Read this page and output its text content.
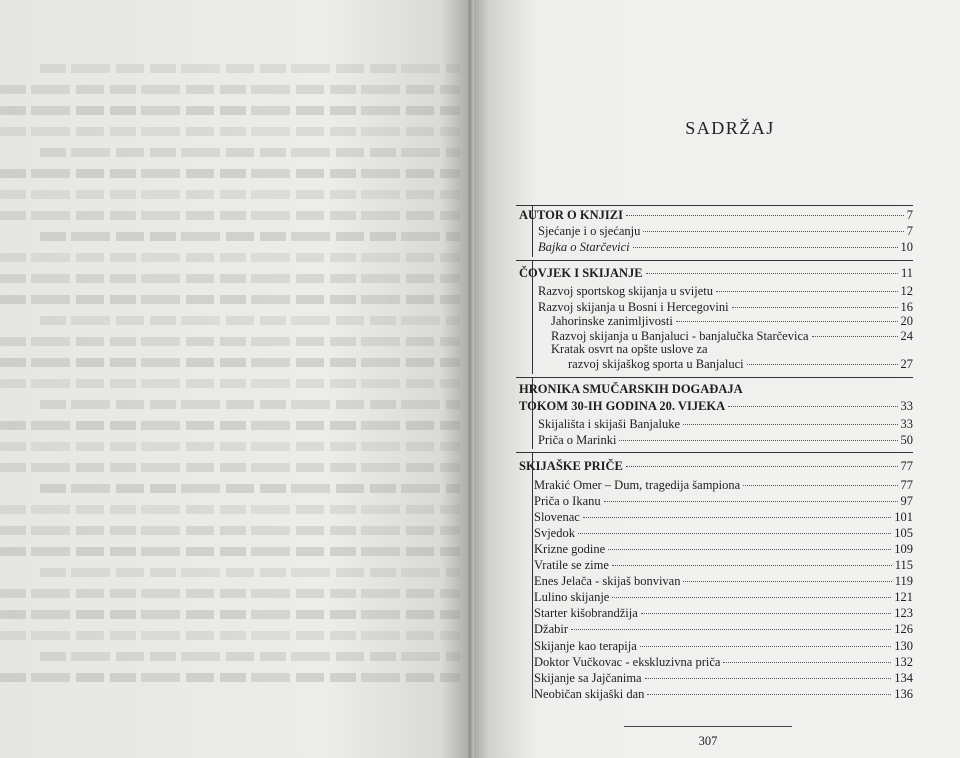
SADRŽAJ
AUTOR O KNJIZI	7
Sjećanje i o sjećanju	7
Bajka o Starčevici	10
ČOVJEK I SKIJANJE	11
Razvoj sportskog skijanja u svijetu	12
Razvoj skijanja u Bosni i Hercegovini	16
Jahorinske zanimljivosti	20
Razvoj skijanja u Banjaluci - banjalučka Starčevica	24
Kratak osvrt na opšte uslove za
razvoj skijaškog sporta u Banjaluci	27
HRONIKA SMUČARSKIH DOGAĐAJA
TOKOM 30-IH GODINA 20. VIJEKA	33
Skijališta i skijaši Banjaluke	33
Priča o Marinki	50
SKIJAŠKE PRIČE	77
Mrakić Omer – Dum, tragedija šampiona	77
Priča o Ikanu	97
Slovenac	101
Svjedok	105
Krizne godine	109
Vratile se zime	115
Enes Jelača - skijaš bonvivan	119
Lulino skijanje	121
Starter kišobrandžija	123
Džabir	126
Skijanje kao terapija	130
Doktor Vučkovac - ekskluzivna priča	132
Skijanje sa Jajčanima	134
Neobičan skijaški dan	136
307
